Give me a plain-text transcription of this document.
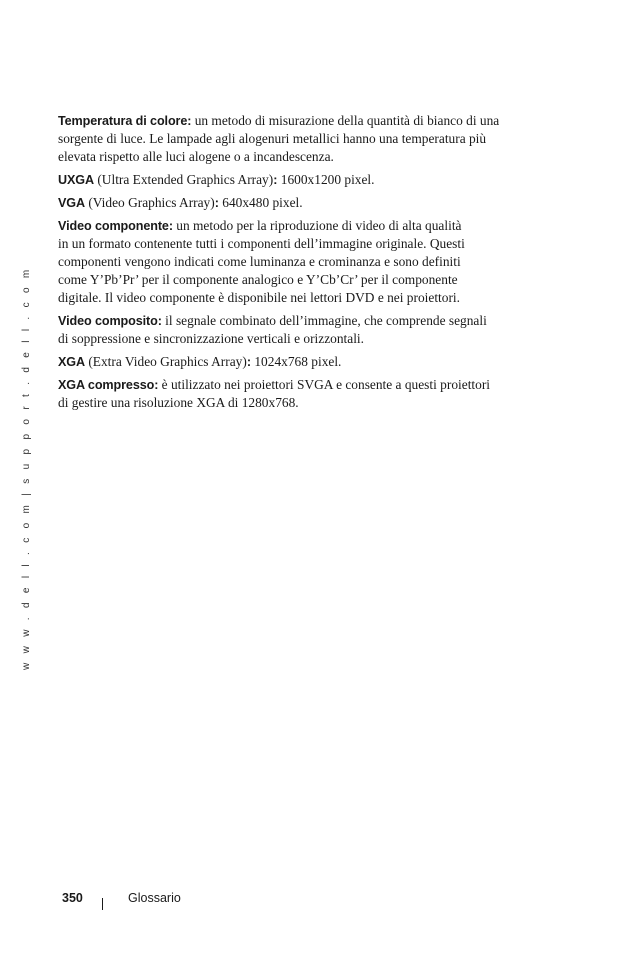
w w w . d e l l . c o m | s u p p o r t . d e l l . c o m

Temperatura di colore: un metodo di misurazione della quantità di bianco di una
sorgente di luce. Le lampade agli alogenuri metallici hanno una temperatura più
elevata rispetto alle luci alogene o a incandescenza.

UXGA (Ultra Extended Graphics Array): 1600x1200 pixel.

VGA (Video Graphics Array): 640x480 pixel.

Video componente: un metodo per la riproduzione di video di alta qualità
in un formato contenente tutti i componenti dell’immagine originale. Questi
componenti vengono indicati come luminanza e crominanza e sono definiti
come Y’Pb’Pr’ per il componente analogico e Y’Cb’Cr’ per il componente
digitale. Il video componente è disponibile nei lettori DVD e nei proiettori.

Video composito: il segnale combinato dell’immagine, che comprende segnali
di soppressione e sincronizzazione verticali e orizzontali.

XGA (Extra Video Graphics Array): 1024x768 pixel.

XGA compresso: è utilizzato nei proiettori SVGA e consente a questi proiettori
di gestire una risoluzione XGA di 1280x768.

350	Glossario
